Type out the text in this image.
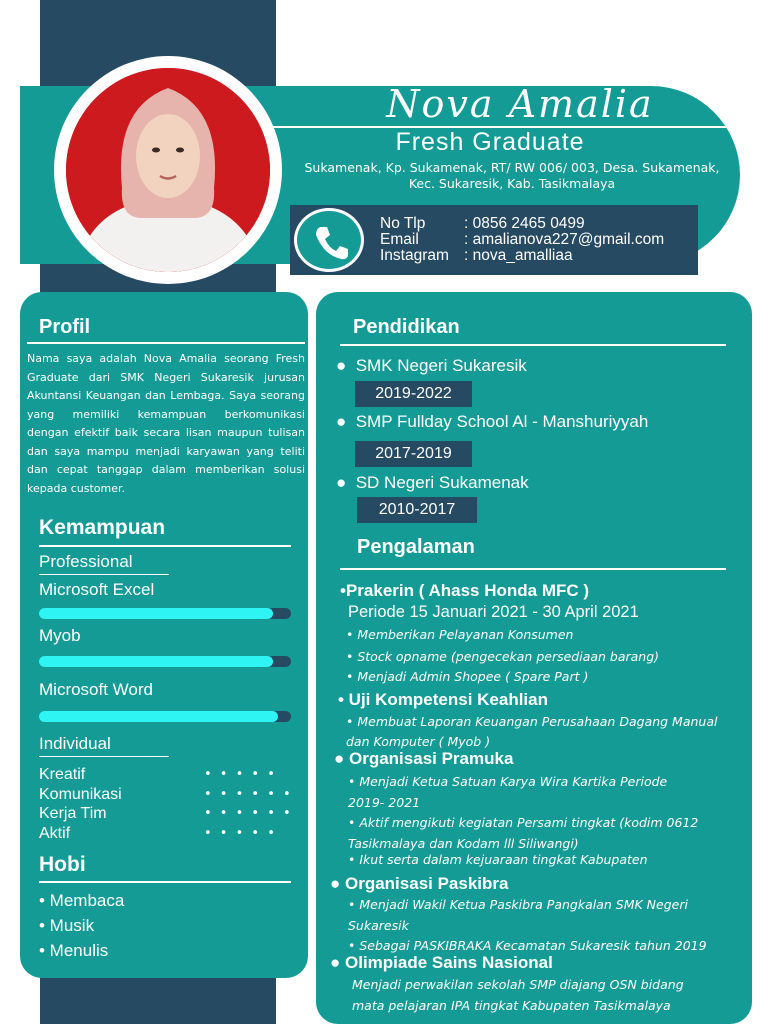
Nova Amalia
Fresh Graduate
Sukamenak, Kp. Sukamenak, RT/ RW 006/ 003, Desa. Sukamenak,
Kec. Sukaresik, Kab. Tasikmalaya
No Tlp	: 0856 2465 0499
Email	: amalianova227@gmail.com
Instagram : nova_amalliaa
Profil
Nama saya adalah Nova Amalia seorang Fresh Graduate dari SMK Negeri Sukaresik jurusan Akuntansi Keuangan dan Lembaga. Saya seorang yang memiliki kemampuan berkomunikasi dengan efektif baik secara lisan maupun tulisan dan saya mampu menjadi karyawan yang teliti dan cepat tanggap dalam memberikan solusi kepada customer.
Kemampuan
Professional
Microsoft Excel
Myob
Microsoft Word
Individual
Kreatif	• • • • •
Komunikasi	• • • • • •
Kerja Tim	• • • • • •
Aktif	• • • • •
Hobi
• Membaca
• Musik
• Menulis
Pendidikan
●  SMK Negeri Sukaresik
2019-2022
●  SMP Fullday School Al - Manshuriyyah
2017-2019
●  SD Negeri Sukamenak
2010-2017
Pengalaman
•Prakerin ( Ahass Honda MFC )
Periode 15 Januari 2021 - 30 April 2021
• Memberikan Pelayanan Konsumen
• Stock opname (pengecekan persediaan barang)
• Menjadi Admin Shopee ( Spare Part )
• Uji Kompetensi Keahlian
• Membuat Laporan Keuangan Perusahaan Dagang Manual
dan Komputer ( Myob )
● Organisasi Pramuka
• Menjadi Ketua Satuan Karya Wira Kartika Periode
2019- 2021
• Aktif mengikuti kegiatan Persami tingkat (kodim 0612
Tasikmalaya dan Kodam lll Siliwangi)
• Ikut serta dalam kejuaraan tingkat Kabupaten
● Organisasi Paskibra
• Menjadi Wakil Ketua Paskibra Pangkalan SMK Negeri
Sukaresik
• Sebagai PASKIBRAKA Kecamatan Sukaresik tahun 2019
● Olimpiade Sains Nasional
Menjadi perwakilan sekolah SMP diajang OSN bidang
mata pelajaran IPA tingkat Kabupaten Tasikmalaya
